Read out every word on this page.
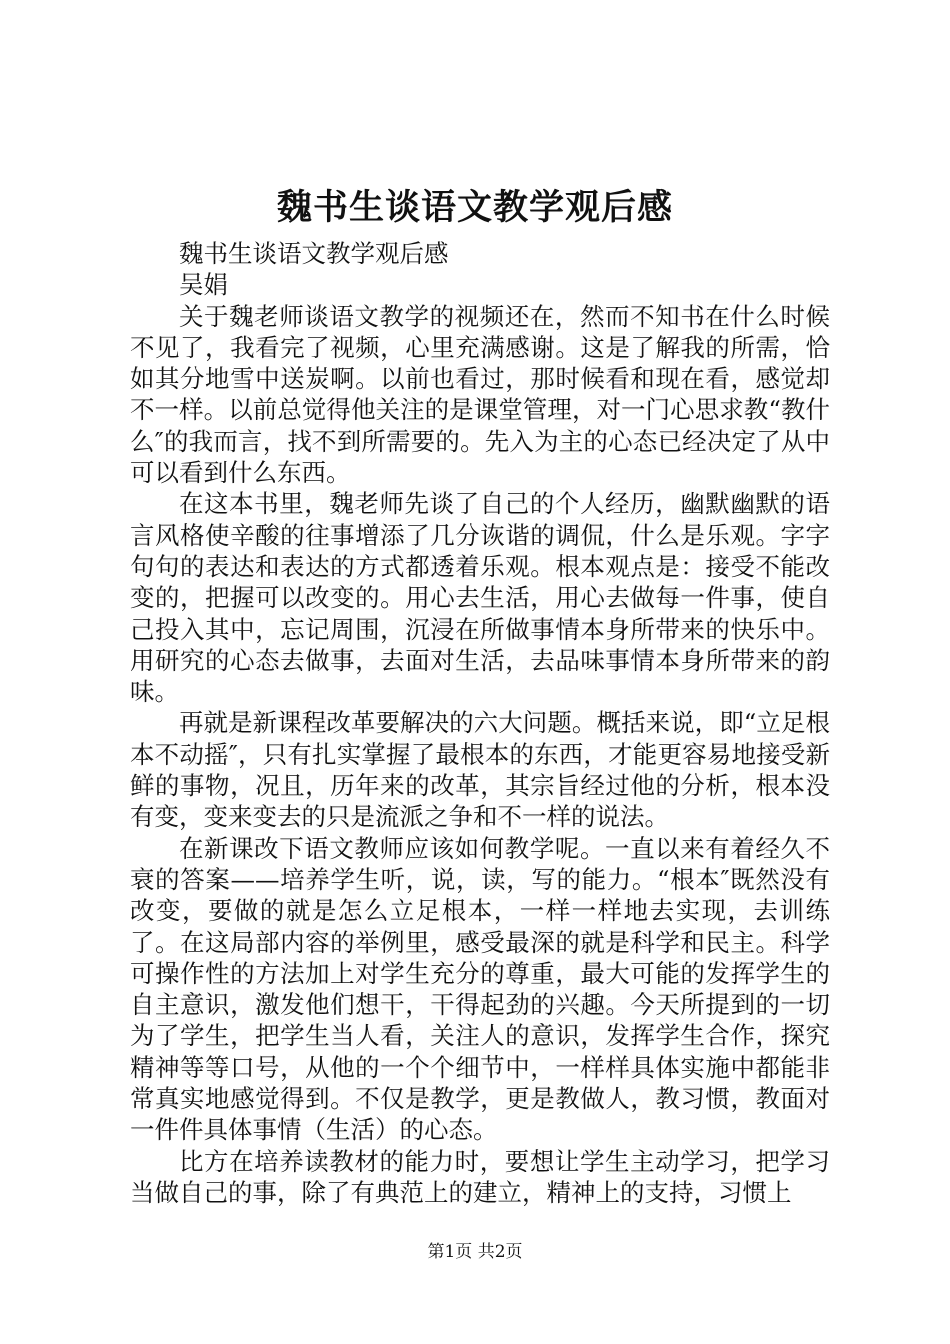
魏书生谈语文教学观后感

魏书生谈语文教学观后感

吴娟

关于魏老师谈语文教学的视频还在，然而不知书在什么时候不见了，我看完了视频，心里充满感谢。这是了解我的所需，恰如其分地雪中送炭啊。以前也看过，那时候看和现在看，感觉却不一样。以前总觉得他关注的是课堂管理，对一门心思求教“教什么″的我而言，找不到所需要的。先入为主的心态已经决定了从中可以看到什么东西。

在这本书里，魏老师先谈了自己的个人经历，幽默幽默的语言风格使辛酸的往事增添了几分诙谐的调侃，什么是乐观。字字句句的表达和表达的方式都透着乐观。根本观点是：接受不能改变的，把握可以改变的。用心去生活，用心去做每一件事，使自己投入其中，忘记周围，沉浸在所做事情本身所带来的快乐中。用研究的心态去做事，去面对生活，去品味事情本身所带来的韵味。

再就是新课程改革要解决的六大问题。概括来说，即“立足根本不动摇″，只有扎实掌握了最根本的东西，才能更容易地接受新鲜的事物，况且，历年来的改革，其宗旨经过他的分析，根本没有变，变来变去的只是流派之争和不一样的说法。

在新课改下语文教师应该如何教学呢。一直以来有着经久不衰的答案——培养学生听，说，读，写的能力。“根本″既然没有改变，要做的就是怎么立足根本，一样一样地去实现，去训练了。在这局部内容的举例里，感受最深的就是科学和民主。科学可操作性的方法加上对学生充分的尊重，最大可能的发挥学生的自主意识，激发他们想干，干得起劲的兴趣。今天所提到的一切为了学生，把学生当人看，关注人的意识，发挥学生合作，探究精神等等口号，从他的一个个细节中，一样样具体实施中都能非常真实地感觉得到。不仅是教学，更是教做人，教习惯，教面对一件件具体事情（生活）的心态。

比方在培养读教材的能力时，要想让学生主动学习，把学习当做自己的事，除了有典范上的建立，精神上的支持，习惯上

第1页 共2页
